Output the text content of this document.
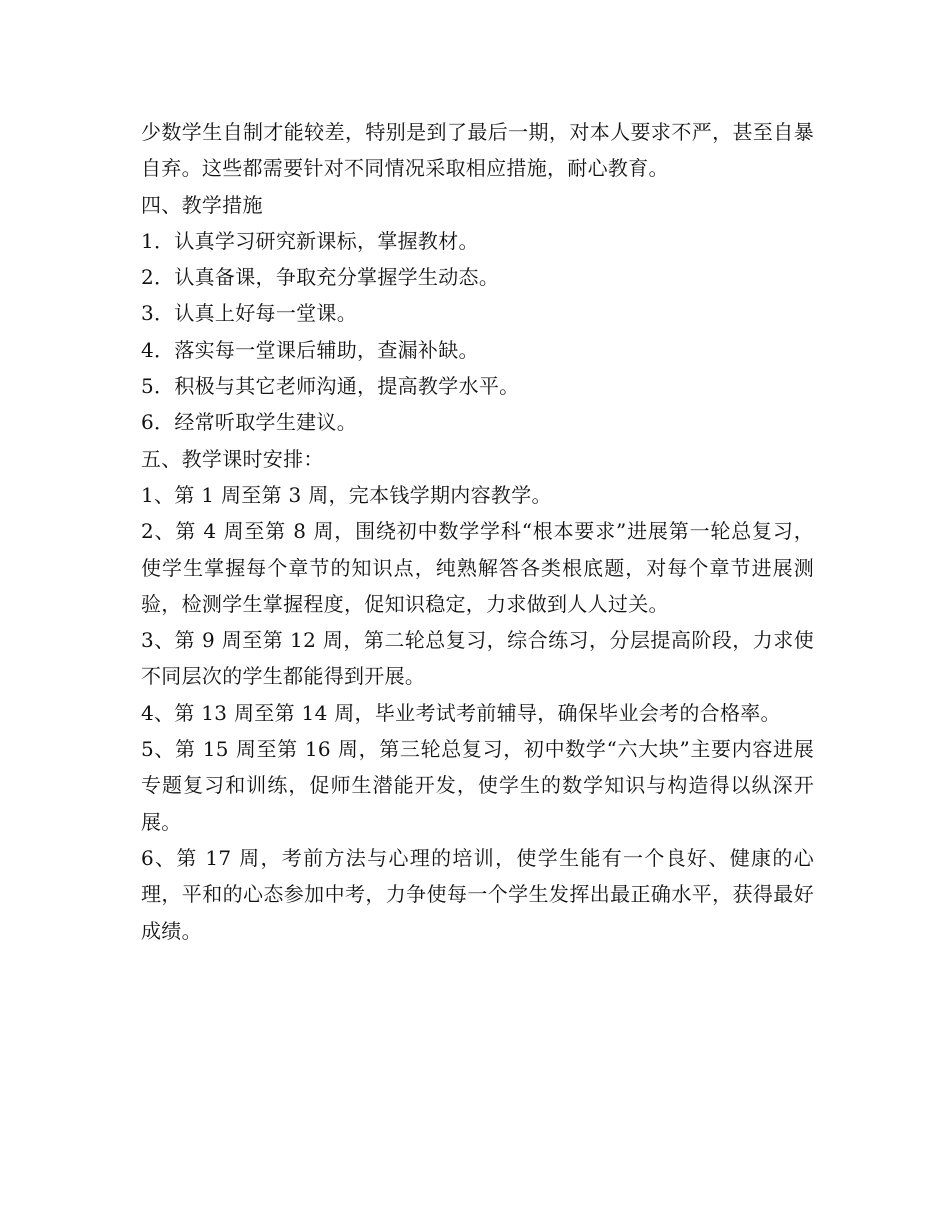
少数学生自制才能较差，特别是到了最后一期，对本人要求不严，甚至自暴自弃。这些都需要针对不同情况采取相应措施，耐心教育。

四、教学措施

1．认真学习研究新课标，掌握教材。

2．认真备课，争取充分掌握学生动态。

3．认真上好每一堂课。

4．落实每一堂课后辅助，查漏补缺。

5．积极与其它老师沟通，提高教学水平。

6．经常听取学生建议。

五、教学课时安排：

1、第 1 周至第 3 周，完本钱学期内容教学。

2、第 4 周至第 8 周，围绕初中数学学科“根本要求”进展第一轮总复习，使学生掌握每个章节的知识点，纯熟解答各类根底题，对每个章节进展测验，检测学生掌握程度，促知识稳定，力求做到人人过关。

3、第 9 周至第 12 周，第二轮总复习，综合练习，分层提高阶段，力求使不同层次的学生都能得到开展。

4、第 13 周至第 14 周，毕业考试考前辅导，确保毕业会考的合格率。

5、第 15 周至第 16 周，第三轮总复习，初中数学“六大块”主要内容进展专题复习和训练，促师生潜能开发，使学生的数学知识与构造得以纵深开展。

6、第 17 周，考前方法与心理的培训，使学生能有一个良好、健康的心理，平和的心态参加中考，力争使每一个学生发挥出最正确水平，获得最好成绩。
